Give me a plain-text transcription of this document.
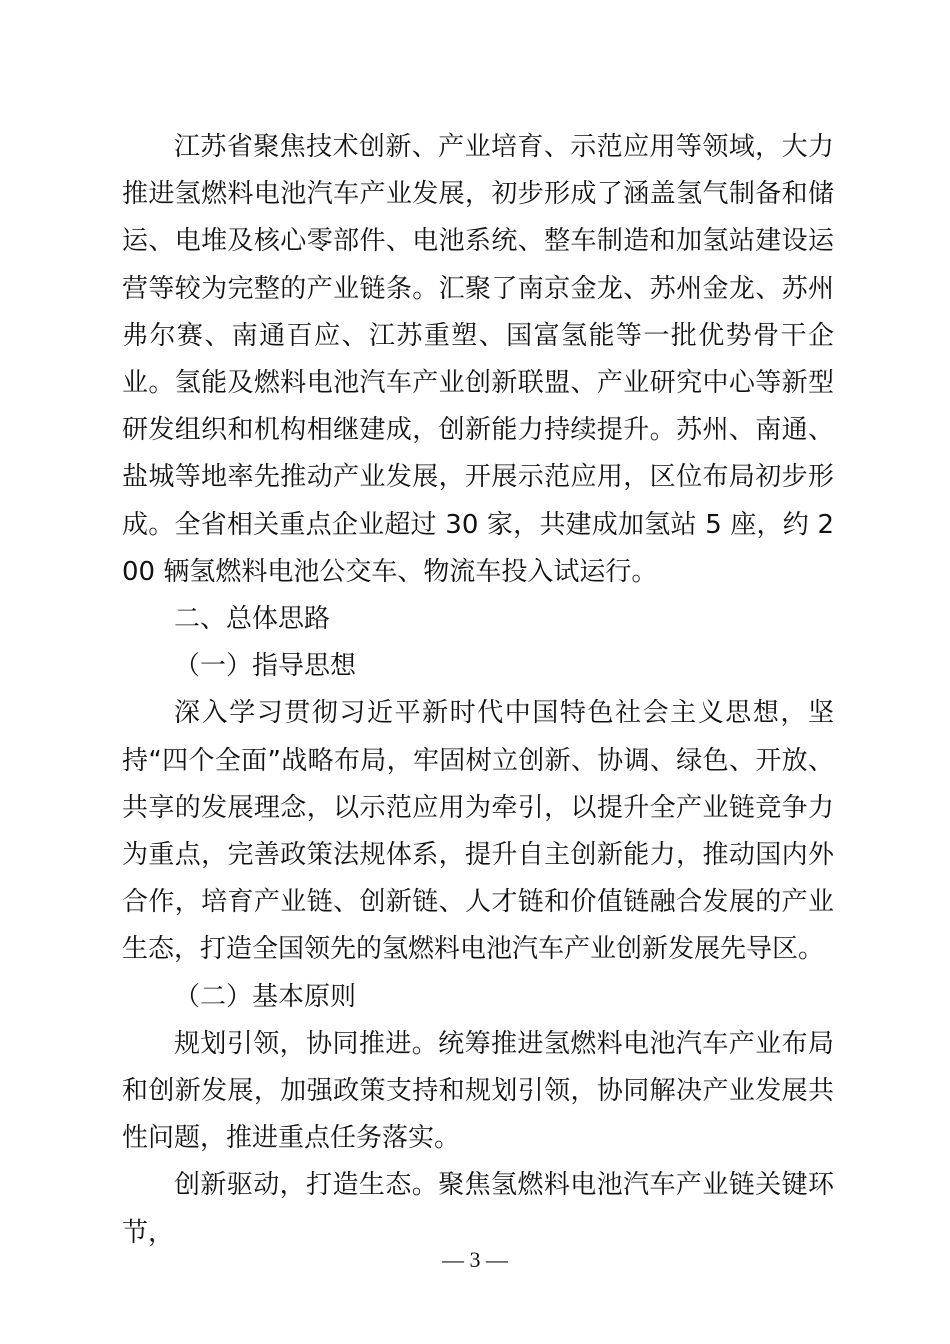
江苏省聚焦技术创新、产业培育、示范应用等领域，大力推进氢燃料电池汽车产业发展，初步形成了涵盖氢气制备和储运、电堆及核心零部件、电池系统、整车制造和加氢站建设运营等较为完整的产业链条。汇聚了南京金龙、苏州金龙、苏州弗尔赛、南通百应、江苏重塑、国富氢能等一批优势骨干企业。氢能及燃料电池汽车产业创新联盟、产业研究中心等新型研发组织和机构相继建成，创新能力持续提升。苏州、南通、盐城等地率先推动产业发展，开展示范应用，区位布局初步形成。全省相关重点企业超过 30 家，共建成加氢站 5 座，约 200 辆氢燃料电池公交车、物流车投入试运行。

二、总体思路

（一）指导思想

深入学习贯彻习近平新时代中国特色社会主义思想，坚持“四个全面”战略布局，牢固树立创新、协调、绿色、开放、共享的发展理念，以示范应用为牵引，以提升全产业链竞争力为重点，完善政策法规体系，提升自主创新能力，推动国内外合作，培育产业链、创新链、人才链和价值链融合发展的产业生态，打造全国领先的氢燃料电池汽车产业创新发展先导区。

（二）基本原则

规划引领，协同推进。统筹推进氢燃料电池汽车产业布局和创新发展，加强政策支持和规划引领，协同解决产业发展共性问题，推进重点任务落实。

创新驱动，打造生态。聚焦氢燃料电池汽车产业链关键环节，

— 3 —
